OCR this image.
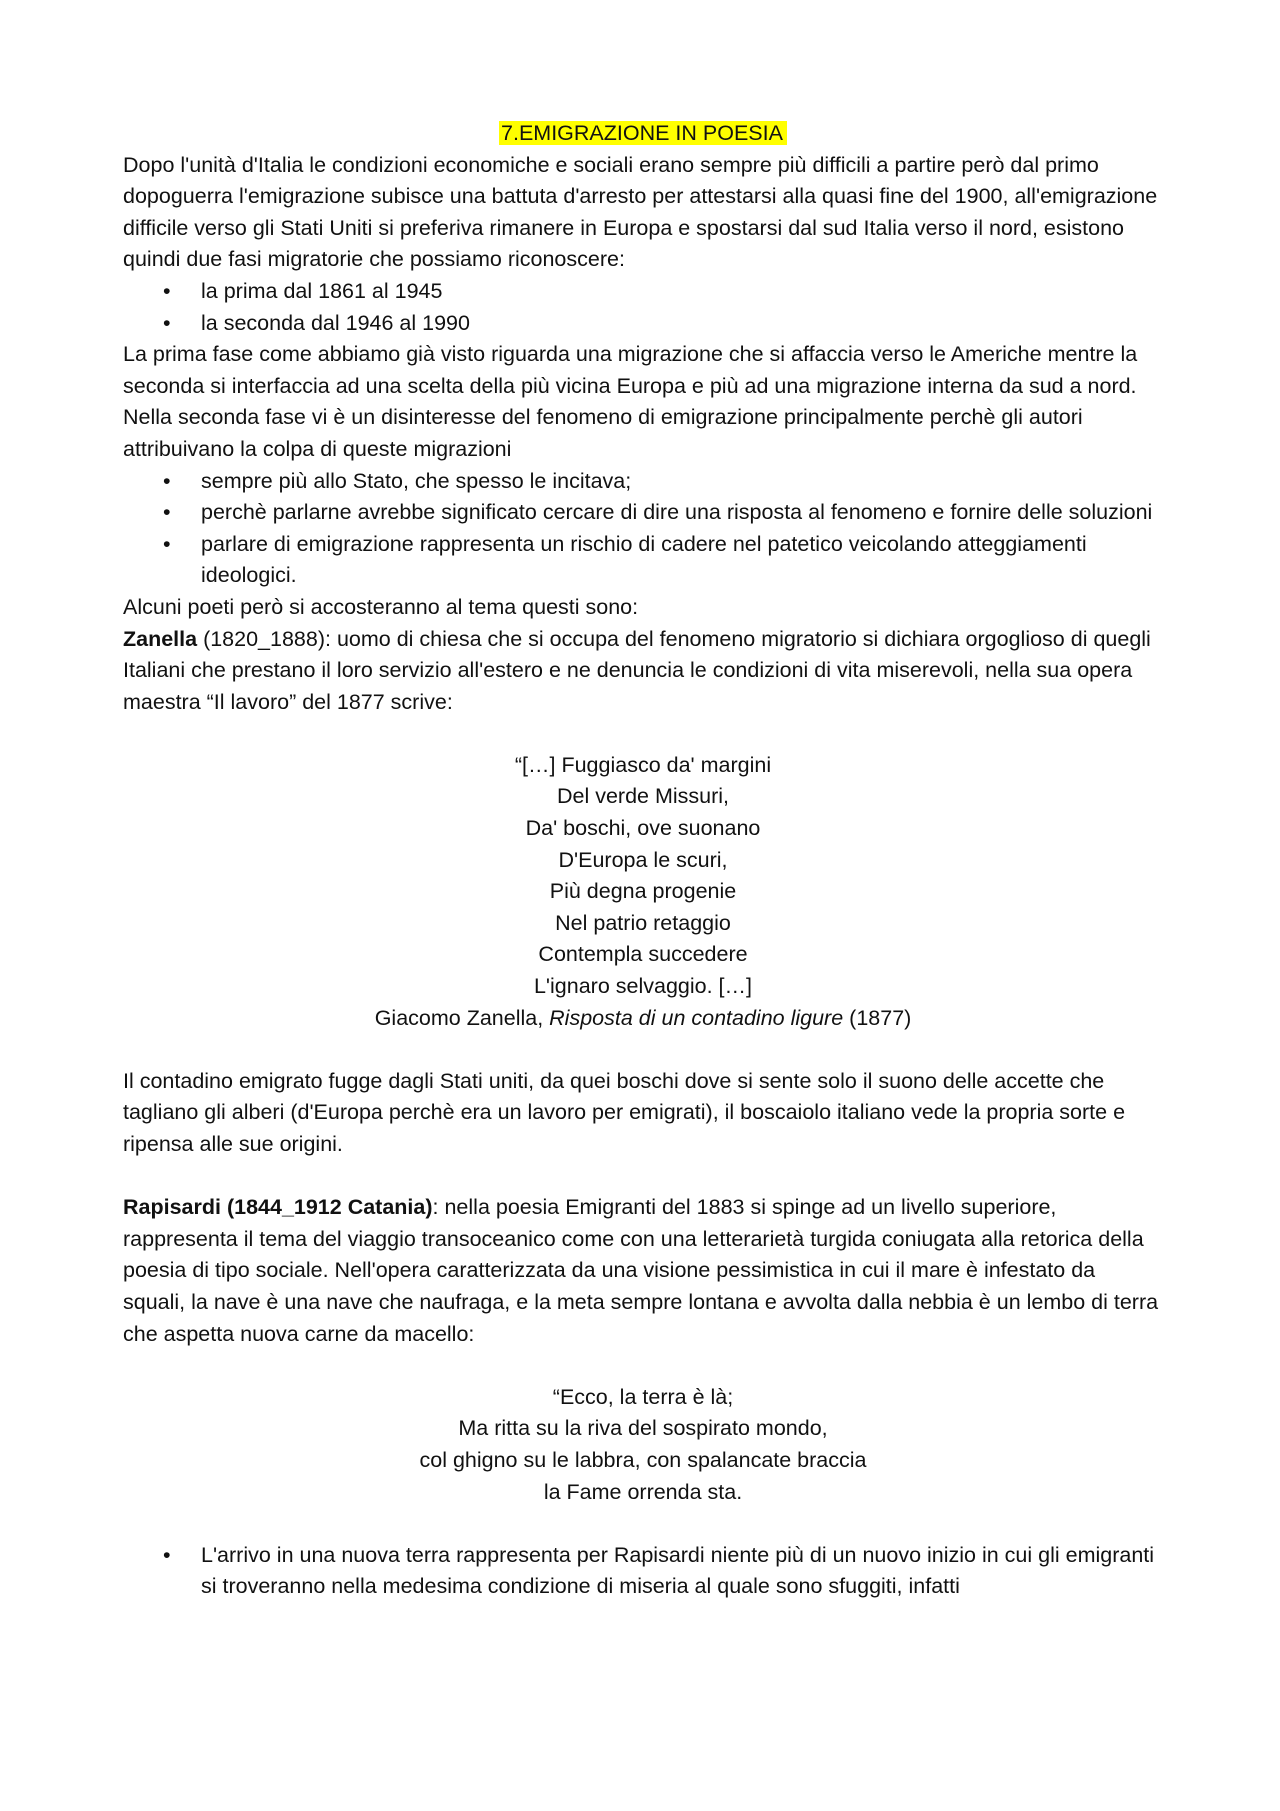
7.EMIGRAZIONE IN POESIA

Dopo l'unità d'Italia le condizioni economiche e sociali erano sempre più difficili a partire però dal primo dopoguerra l'emigrazione subisce una battuta d'arresto per attestarsi alla quasi fine del 1900, all'emigrazione difficile verso gli Stati Uniti si preferiva rimanere in Europa e spostarsi dal sud Italia verso il nord, esistono quindi due fasi migratorie che possiamo riconoscere:

• la prima dal 1861 al 1945
• la seconda dal 1946 al 1990

La prima fase come abbiamo già visto riguarda una migrazione che si affaccia verso le Americhe mentre la seconda si interfaccia ad una scelta della più vicina Europa e più ad una migrazione interna da sud a nord.

Nella seconda fase vi è un disinteresse del fenomeno di emigrazione principalmente perchè gli autori attribuivano la colpa di queste migrazioni

• sempre più allo Stato, che spesso le incitava;
• perchè parlarne avrebbe significato cercare di dire una risposta al fenomeno e fornire delle soluzioni
• parlare di emigrazione rappresenta un rischio di cadere nel patetico veicolando atteggiamenti ideologici.

Alcuni poeti però si accosteranno al tema questi sono:

Zanella (1820_1888): uomo di chiesa che si occupa del fenomeno migratorio si dichiara orgoglioso di quegli Italiani che prestano il loro servizio all'estero e ne denuncia le condizioni di vita miserevoli, nella sua opera maestra “Il lavoro” del 1877 scrive:

“[…] Fuggiasco da' margini
Del verde Missuri,
Da' boschi, ove suonano
D'Europa le scuri,
Più degna progenie
Nel patrio retaggio
Contempla succedere
L'ignaro selvaggio. […]
Giacomo Zanella, Risposta di un contadino ligure (1877)

Il contadino emigrato fugge dagli Stati uniti, da quei boschi dove si sente solo il suono delle accette che tagliano gli alberi (d'Europa perchè era un lavoro per emigrati), il boscaiolo italiano vede la propria sorte e ripensa alle sue origini.

Rapisardi (1844_1912 Catania): nella poesia Emigranti del 1883 si spinge ad un livello superiore, rappresenta il tema del viaggio transoceanico come con una letterarietà turgida coniugata alla retorica della poesia di tipo sociale. Nell'opera caratterizzata da una visione pessimistica in cui il mare è infestato da squali, la nave è una nave che naufraga, e la meta sempre lontana e avvolta dalla nebbia è un lembo di terra che aspetta nuova carne da macello:

“Ecco, la terra è là;
Ma ritta su la riva del sospirato mondo,
col ghigno su le labbra, con spalancate braccia
la Fame orrenda sta.
• L'arrivo in una nuova terra rappresenta per Rapisardi niente più di un nuovo inizio in cui gli emigranti si troveranno nella medesima condizione di miseria al quale sono sfuggiti, infatti
